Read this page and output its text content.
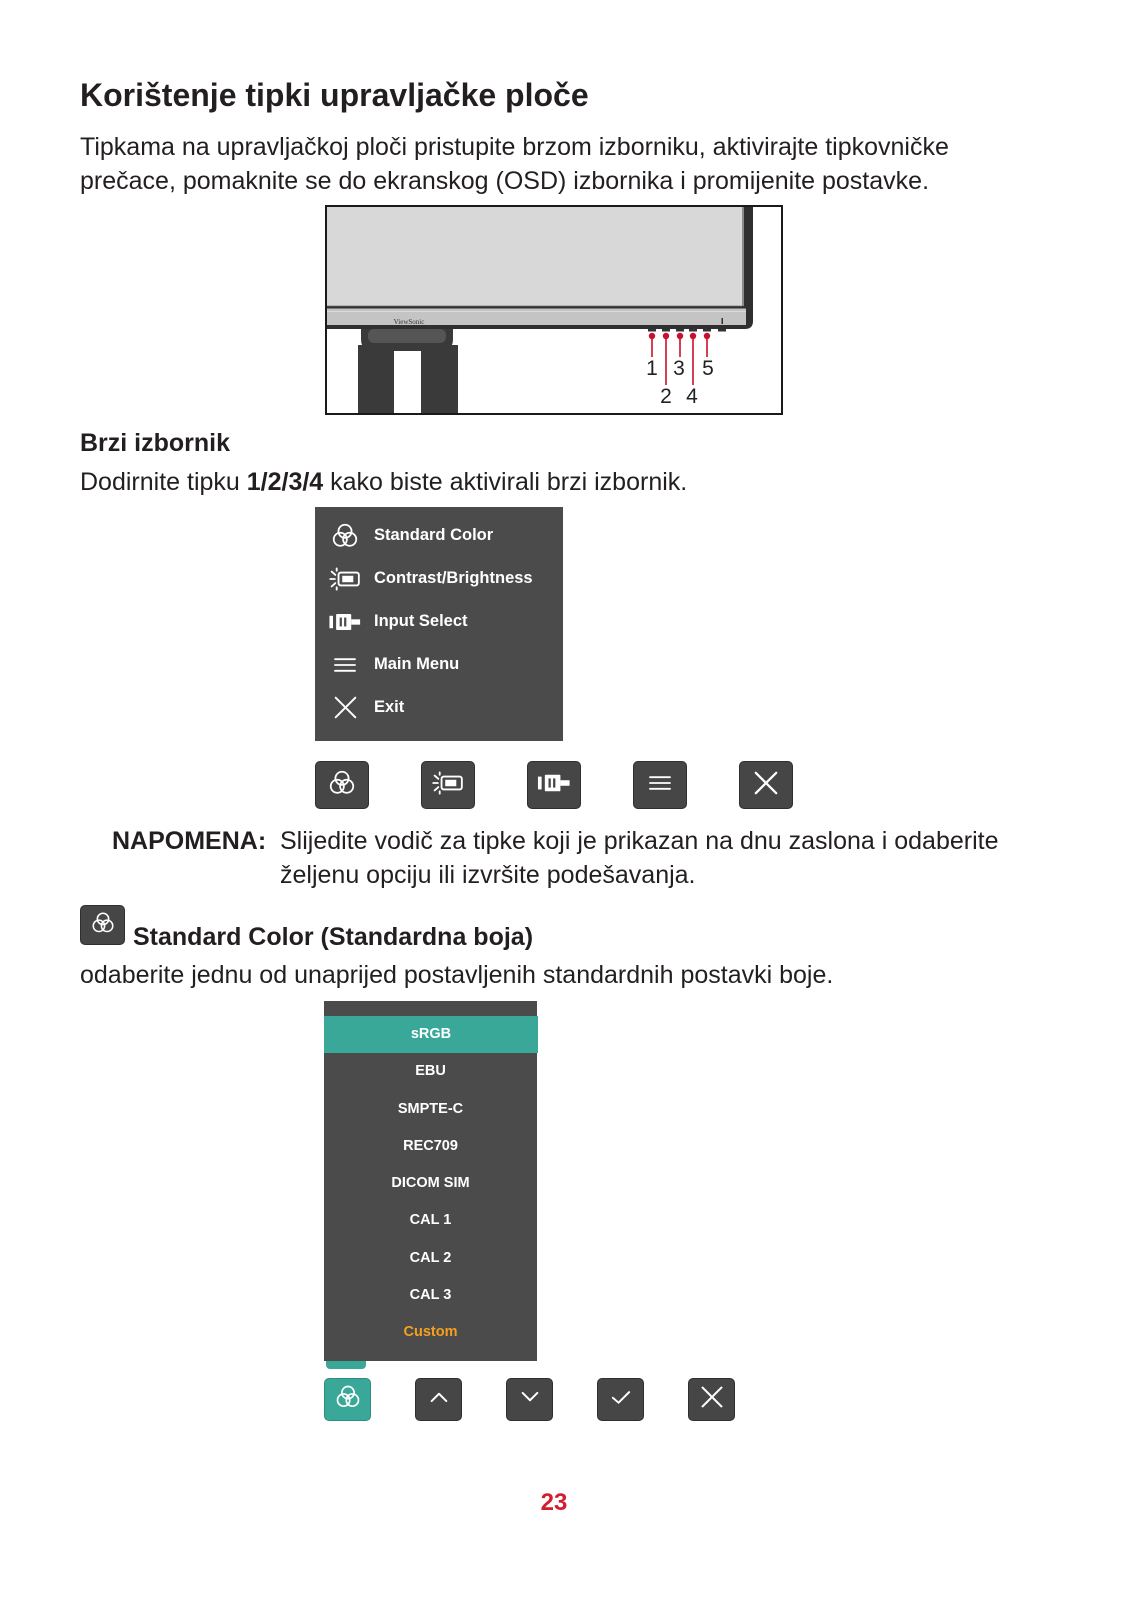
Korištenje tipki upravljačke ploče

Tipkama na upravljačkoj ploči pristupite brzom izborniku, aktivirajte tipkovničke prečace, pomaknite se do ekranskog (OSD) izbornika i promijenite postavke.

ViewSonic
1
2
3
4
5
Brzi izbornik
Dodirnite tipku 1/2/3/4 kako biste aktivirali brzi izbornik.
Standard Color
Contrast/Brightness
Input Select
Main Menu
Exit
NAPOMENA: Slijedite vodič za tipke koji je prikazan na dnu zaslona i odaberite željenu opciju ili izvršite podešavanja.
Standard Color (Standardna boja)
odaberite jednu od unaprijed postavljenih standardnih postavki boje.
sRGB
EBU
SMPTE-C
REC709
DICOM SIM
CAL 1
CAL 2
CAL 3
Custom
23
